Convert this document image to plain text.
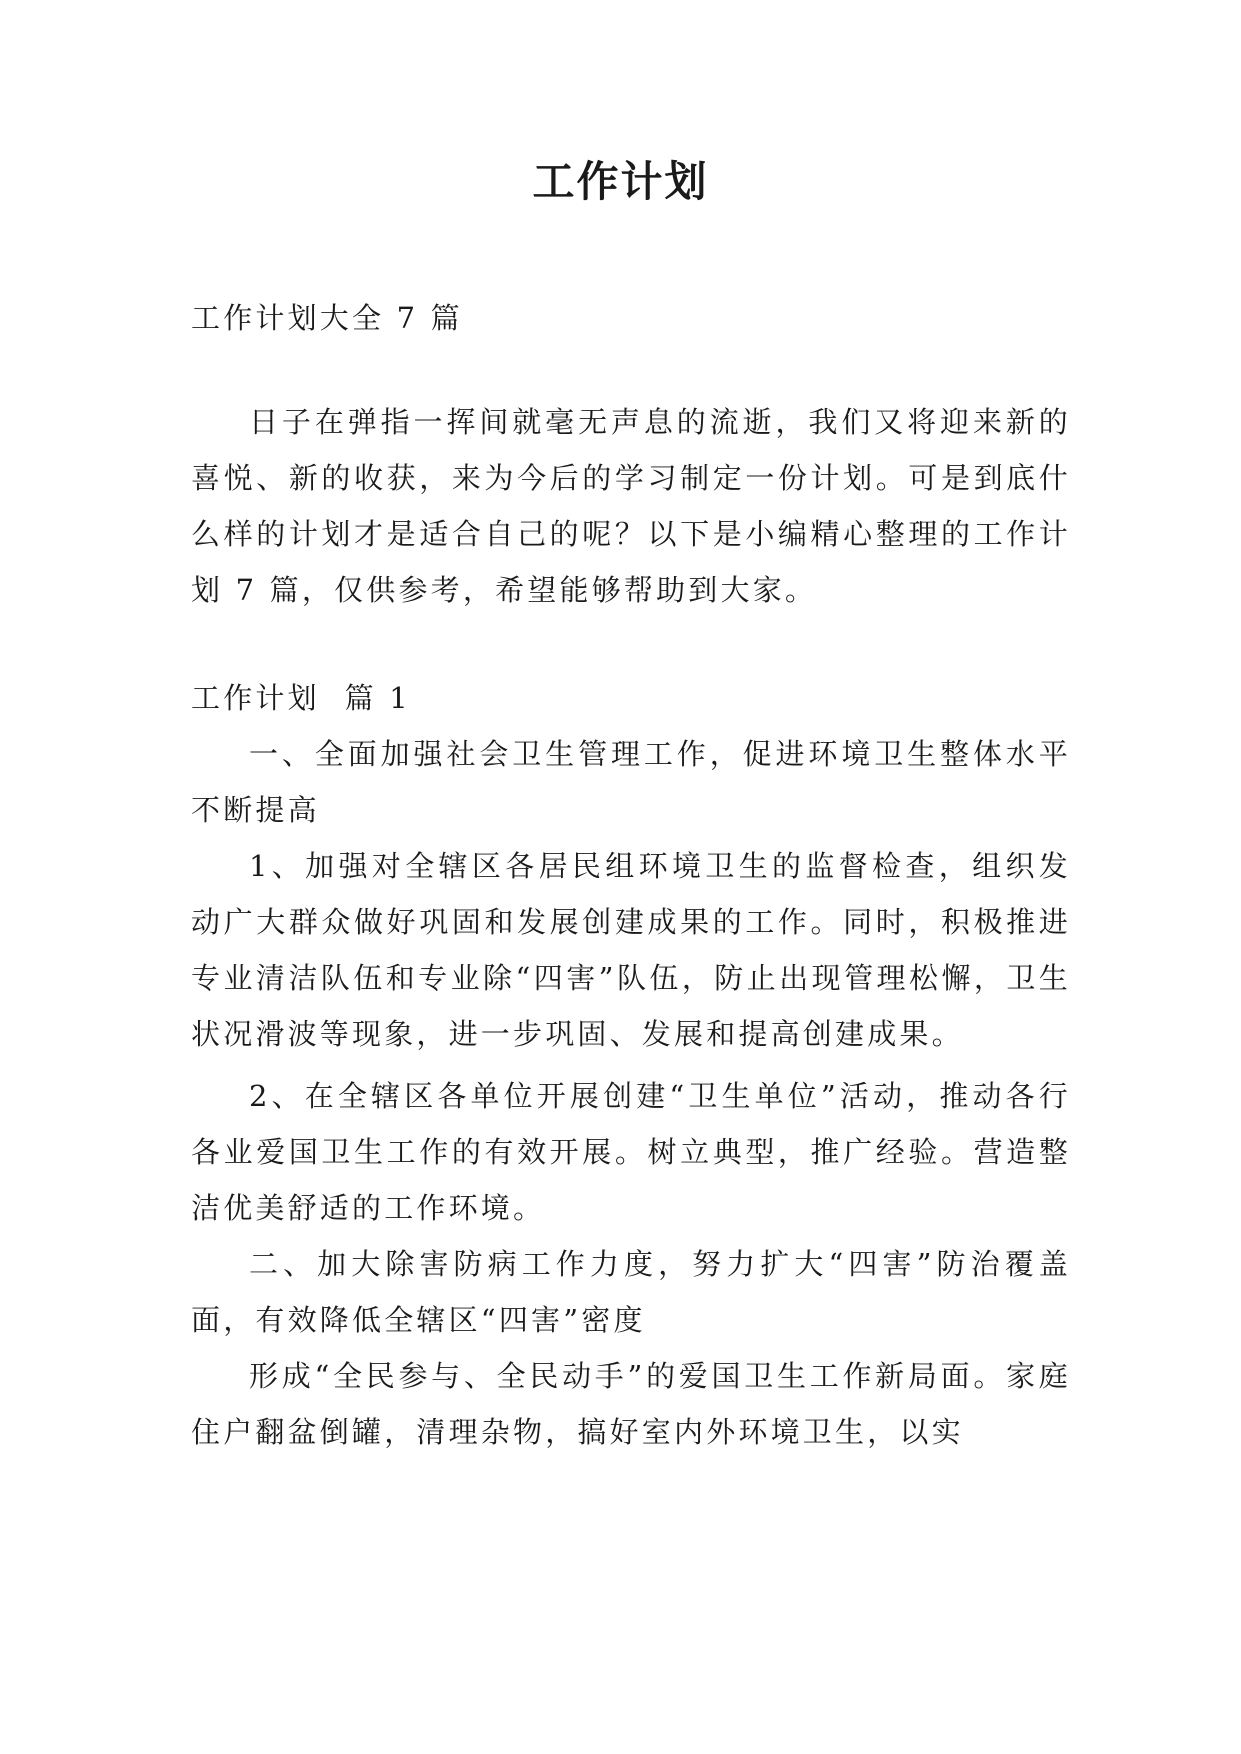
工作计划

工作计划大全 7 篇

日子在弹指一挥间就毫无声息的流逝，我们又将迎来新的喜悦、新的收获，来为今后的学习制定一份计划。可是到底什么样的计划才是适合自己的呢？以下是小编精心整理的工作计划 7 篇，仅供参考，希望能够帮助到大家。

工作计划  篇 1

一、全面加强社会卫生管理工作，促进环境卫生整体水平不断提高

1、加强对全辖区各居民组环境卫生的监督检查，组织发动广大群众做好巩固和发展创建成果的工作。同时，积极推进专业清洁队伍和专业除“四害”队伍，防止出现管理松懈，卫生状况滑波等现象，进一步巩固、发展和提高创建成果。

2、在全辖区各单位开展创建“卫生单位”活动，推动各行各业爱国卫生工作的有效开展。树立典型，推广经验。营造整洁优美舒适的工作环境。

二、加大除害防病工作力度，努力扩大“四害”防治覆盖面，有效降低全辖区“四害”密度

形成“全民参与、全民动手”的爱国卫生工作新局面。家庭住户翻盆倒罐，清理杂物，搞好室内外环境卫生，以实
